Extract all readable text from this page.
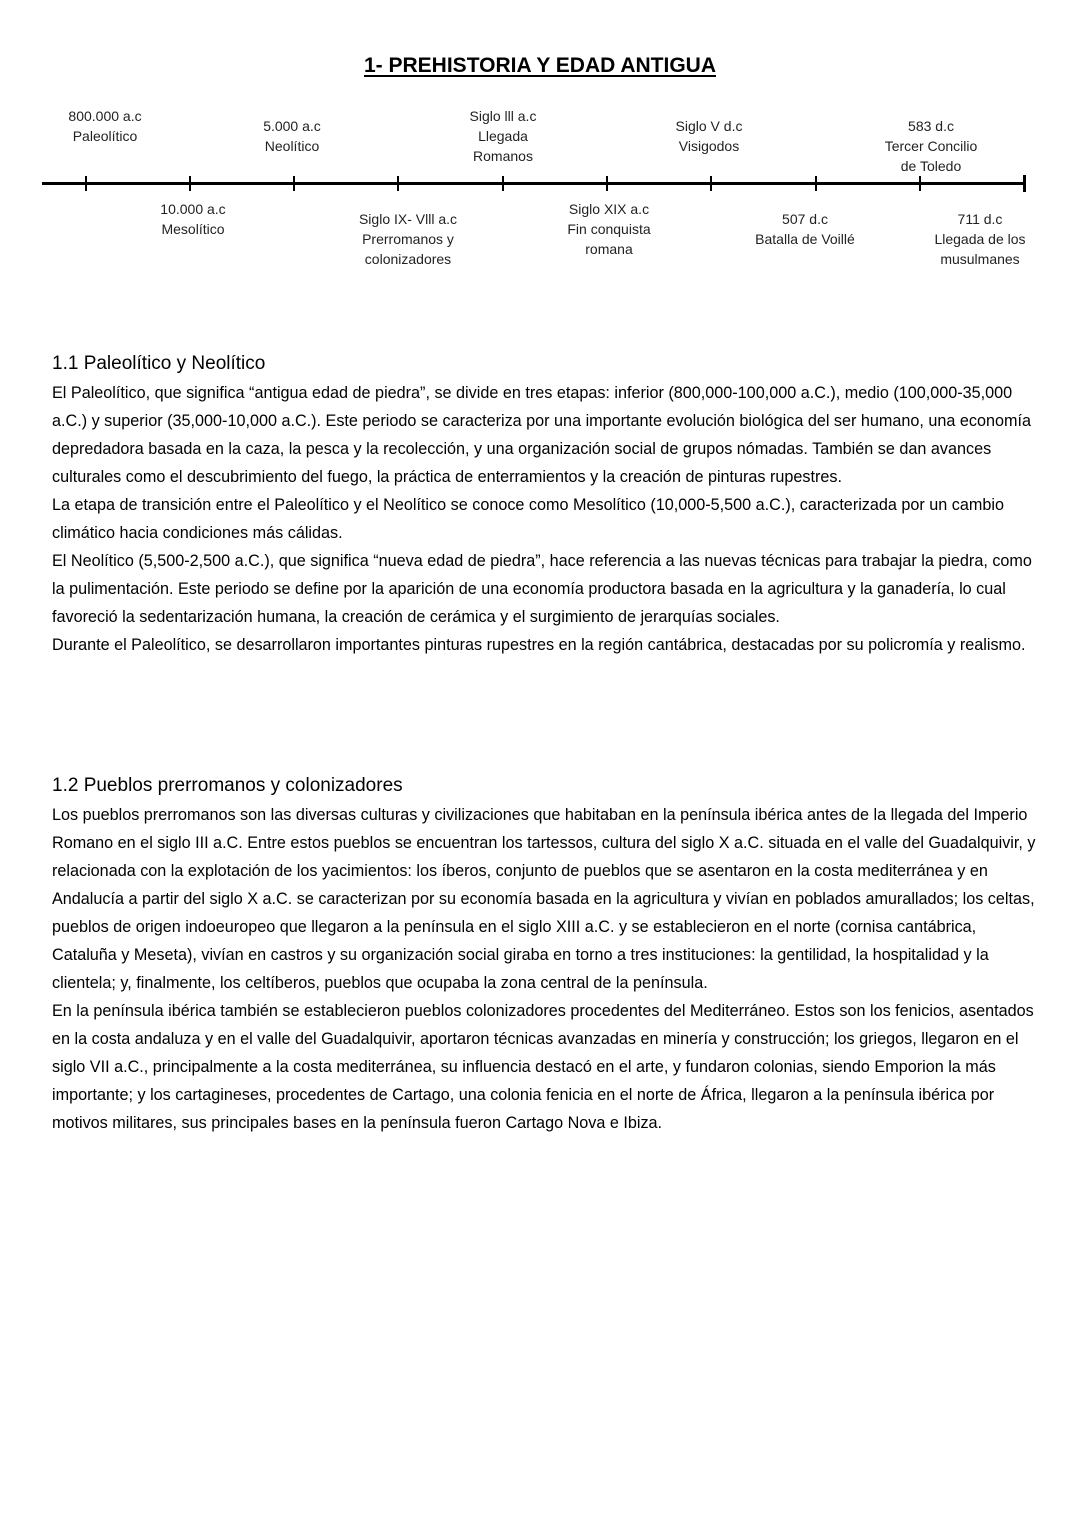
1- PREHISTORIA Y EDAD ANTIGUA
800.000 a.c
Paleolítico
5.000 a.c
Neolítico
Siglo lll a.c
Llegada
Romanos
Siglo V d.c
Visigodos
583 d.c
Tercer Concilio
de Toledo
10.000 a.c
Mesolítico
Siglo IX- Vlll a.c
Prerromanos y
colonizadores
Siglo XIX a.c
Fin conquista
romana
507 d.c
Batalla de Voillé
711 d.c
Llegada de los
musulmanes
1.1 Paleolítico y Neolítico

El Paleolítico, que significa “antigua edad de piedra”, se divide en tres etapas: inferior (800,000-100,000 a.C.), medio (100,000-35,000 a.C.) y superior (35,000-10,000 a.C.). Este periodo se caracteriza por una importante evolución biológica del ser humano, una economía depredadora basada en la caza, la pesca y la recolección, y una organización social de grupos nómadas. También se dan avances culturales como el descubrimiento del fuego, la práctica de enterramientos y la creación de pinturas rupestres.

La etapa de transición entre el Paleolítico y el Neolítico se conoce como Mesolítico (10,000-5,500 a.C.), caracterizada por un cambio climático hacia condiciones más cálidas.

El Neolítico (5,500-2,500 a.C.), que significa “nueva edad de piedra”, hace referencia a las nuevas técnicas para trabajar la piedra, como la pulimentación. Este periodo se define por la aparición de una economía productora basada en la agricultura y la ganadería, lo cual favoreció la sedentarización humana, la creación de cerámica y el surgimiento de jerarquías sociales.

Durante el Paleolítico, se desarrollaron importantes pinturas rupestres en la región cantábrica, destacadas por su policromía y realismo.

1.2 Pueblos prerromanos y colonizadores

Los pueblos prerromanos son las diversas culturas y civilizaciones que habitaban en la península ibérica antes de la llegada del Imperio Romano en el siglo III a.C. Entre estos pueblos se encuentran los tartessos, cultura del siglo X a.C. situada en el valle del Guadalquivir, y relacionada con la explotación de los yacimientos: los íberos, conjunto de pueblos que se asentaron en la costa mediterránea y en Andalucía a partir del siglo X a.C. se caracterizan por su economía basada en la agricultura y vivían en poblados amurallados; los celtas, pueblos de origen indoeuropeo que llegaron a la península en el siglo XIII a.C. y se establecieron en el norte (cornisa cantábrica, Cataluña y Meseta), vivían en castros y su organización social giraba en torno a tres instituciones: la gentilidad, la hospitalidad y la clientela; y, finalmente, los celtíberos, pueblos que ocupaba la zona central de la península.

En la península ibérica también se establecieron pueblos colonizadores procedentes del Mediterráneo. Estos son los fenicios, asentados en la costa andaluza y en el valle del Guadalquivir, aportaron técnicas avanzadas en minería y construcción; los griegos, llegaron en el siglo VII a.C., principalmente a la costa mediterránea, su influencia destacó en el arte, y fundaron colonias, siendo Emporion la más importante; y los cartagineses, procedentes de Cartago, una colonia fenicia en el norte de África, llegaron a la península ibérica por motivos militares, sus principales bases en la península fueron Cartago Nova e Ibiza.
